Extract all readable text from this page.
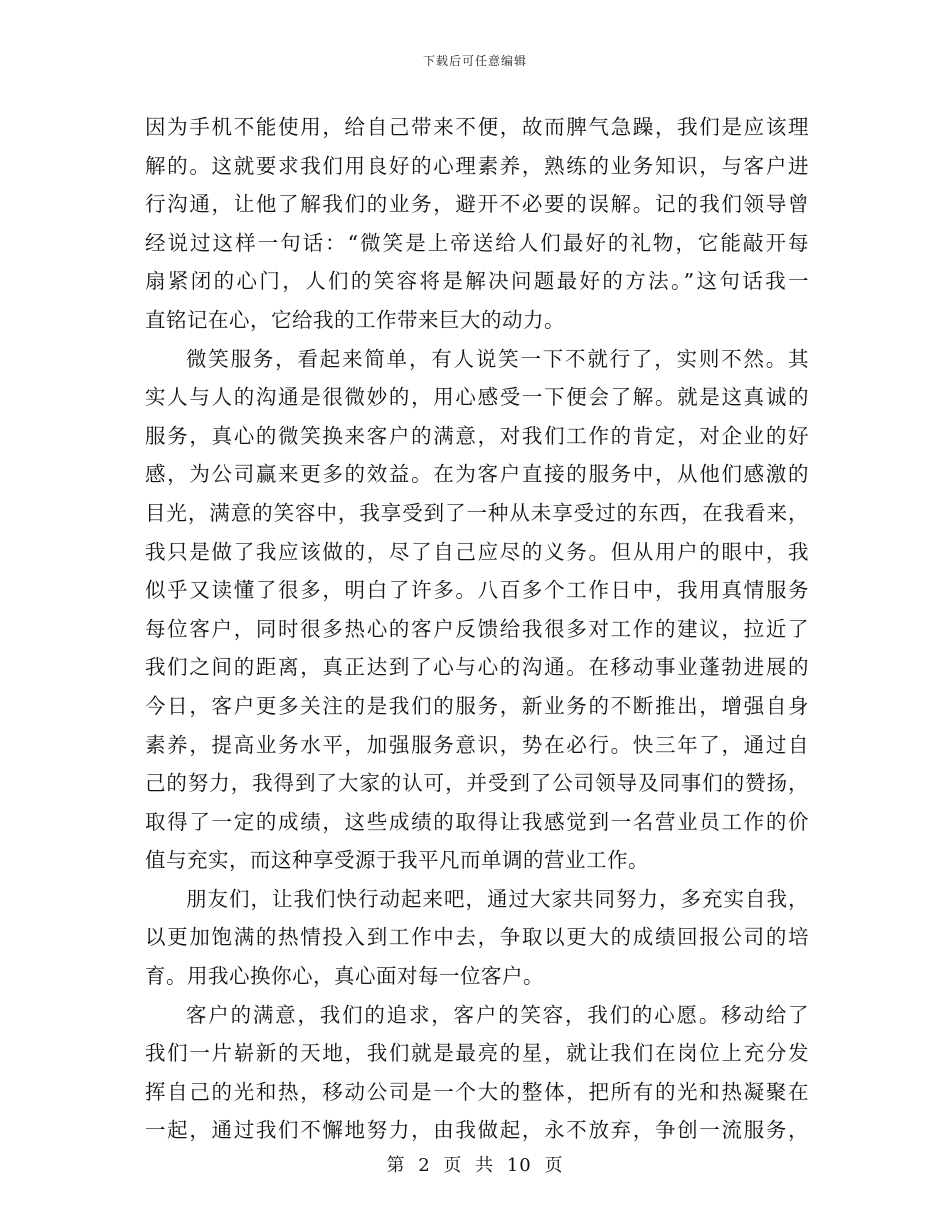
下载后可任意编辑
因为手机不能使用，给自己带来不便，故而脾气急躁，我们是应该理
解的。这就要求我们用良好的心理素养，熟练的业务知识，与客户进
行沟通，让他了解我们的业务，避开不必要的误解。记的我们领导曾
经说过这样一句话：“微笑是上帝送给人们最好的礼物，它能敲开每
扇紧闭的心门，人们的笑容将是解决问题最好的方法。”这句话我一
直铭记在心，它给我的工作带来巨大的动力。
微笑服务，看起来简单，有人说笑一下不就行了，实则不然。其
实人与人的沟通是很微妙的，用心感受一下便会了解。就是这真诚的
服务，真心的微笑换来客户的满意，对我们工作的肯定，对企业的好
感，为公司赢来更多的效益。在为客户直接的服务中，从他们感激的
目光，满意的笑容中，我享受到了一种从未享受过的东西，在我看来，
我只是做了我应该做的，尽了自己应尽的义务。但从用户的眼中，我
似乎又读懂了很多，明白了许多。八百多个工作日中，我用真情服务
每位客户，同时很多热心的客户反馈给我很多对工作的建议，拉近了
我们之间的距离，真正达到了心与心的沟通。在移动事业蓬勃进展的
今日，客户更多关注的是我们的服务，新业务的不断推出，增强自身
素养，提高业务水平，加强服务意识，势在必行。快三年了，通过自
己的努力，我得到了大家的认可，并受到了公司领导及同事们的赞扬，
取得了一定的成绩，这些成绩的取得让我感觉到一名营业员工作的价
值与充实，而这种享受源于我平凡而单调的营业工作。
朋友们，让我们快行动起来吧，通过大家共同努力，多充实自我，
以更加饱满的热情投入到工作中去，争取以更大的成绩回报公司的培
育。用我心换你心，真心面对每一位客户。
客户的满意，我们的追求，客户的笑容，我们的心愿。移动给了
我们一片崭新的天地，我们就是最亮的星，就让我们在岗位上充分发
挥自己的光和热，移动公司是一个大的整体，把所有的光和热凝聚在
一起，通过我们不懈地努力，由我做起，永不放弃，争创一流服务，
第 2 页 共 10 页
